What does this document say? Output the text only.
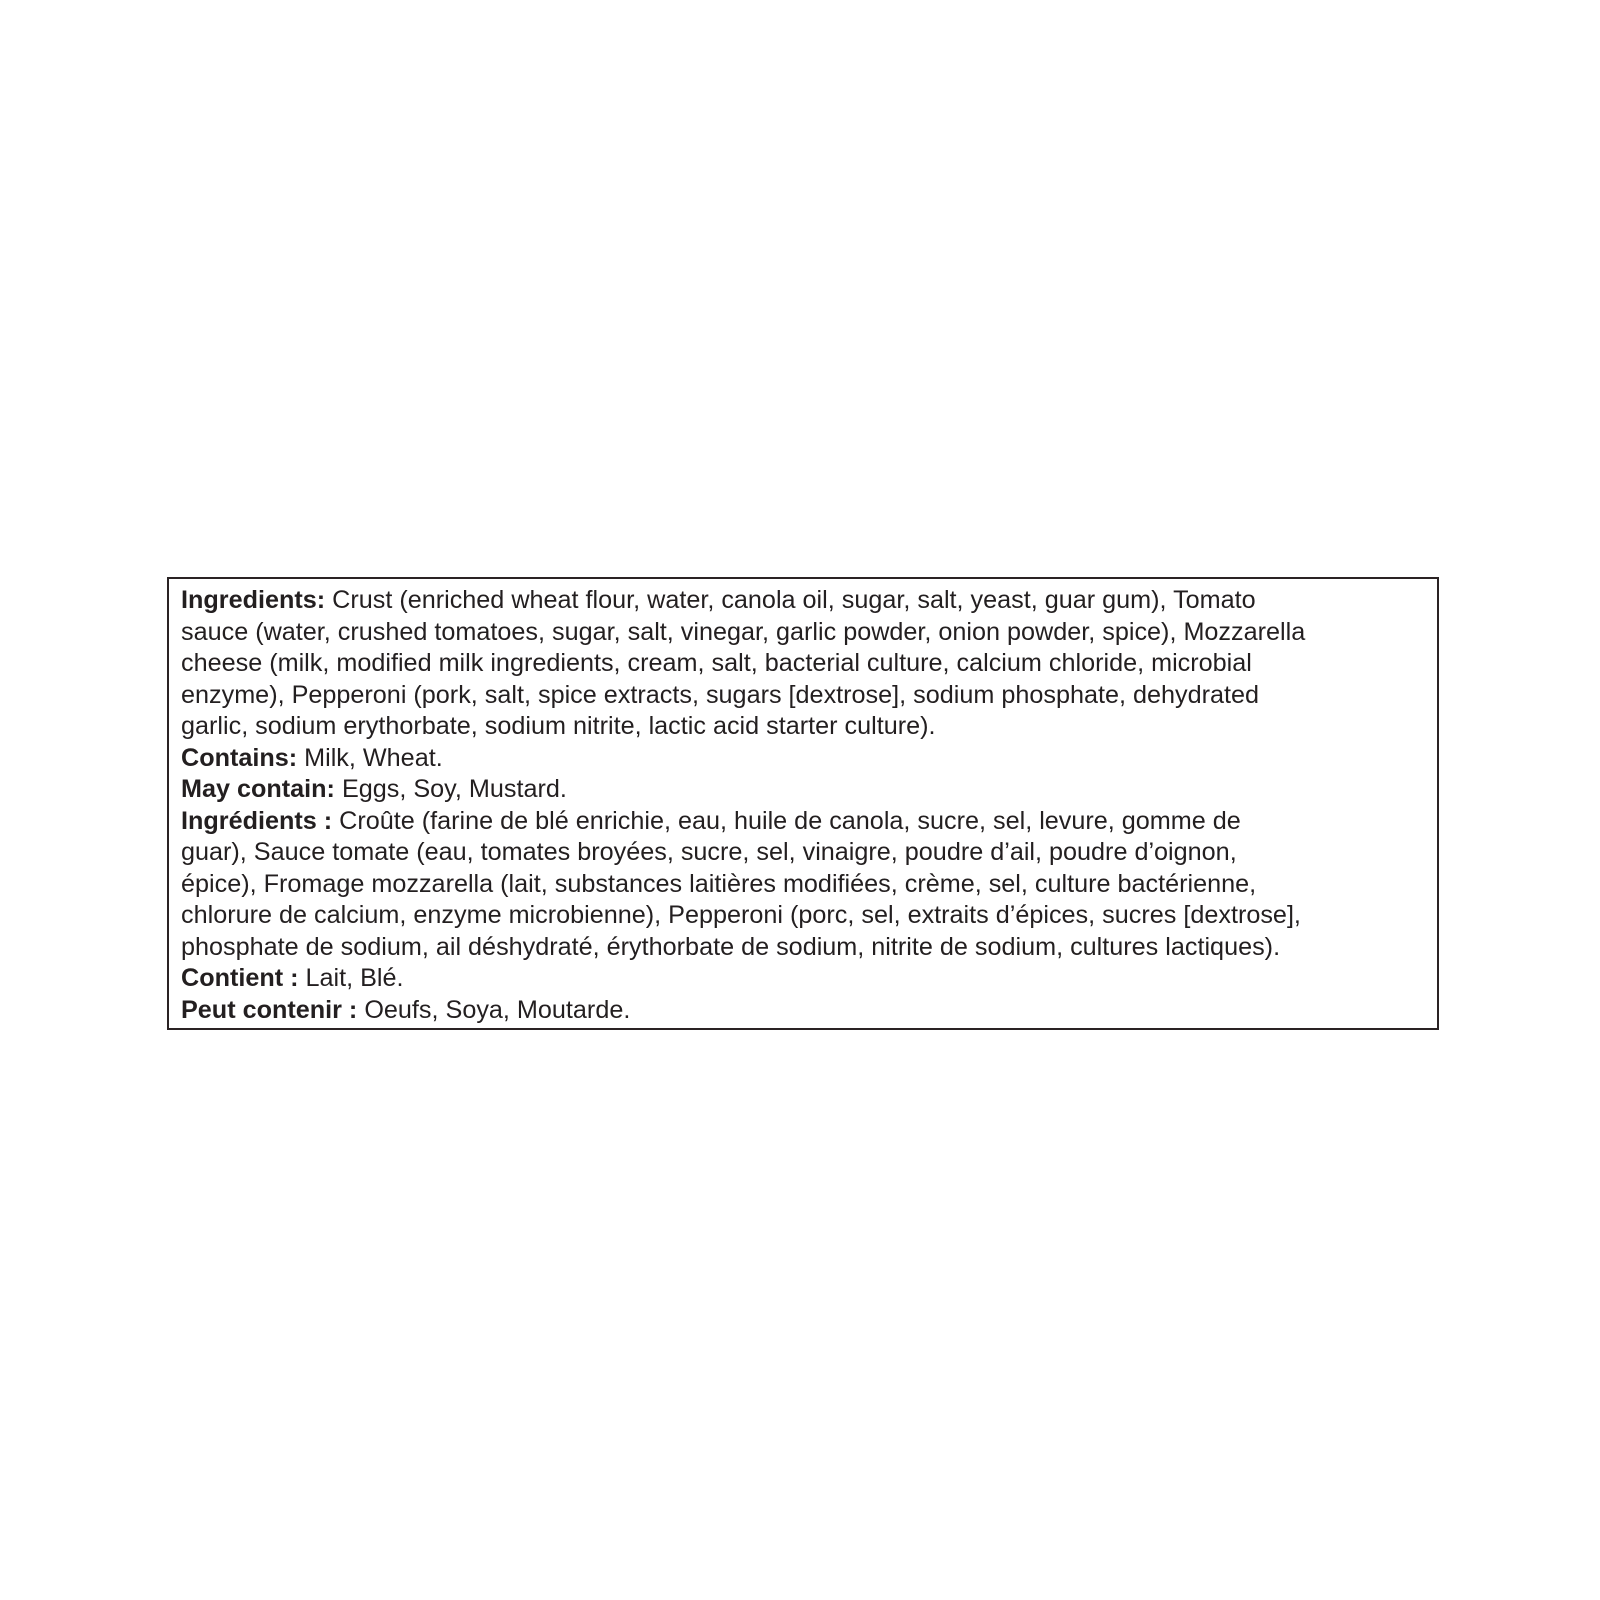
Ingredients: Crust (enriched wheat flour, water, canola oil, sugar, salt, yeast, guar gum), Tomato
sauce (water, crushed tomatoes, sugar, salt, vinegar, garlic powder, onion powder, spice), Mozzarella
cheese (milk, modified milk ingredients, cream, salt, bacterial culture, calcium chloride, microbial
enzyme), Pepperoni (pork, salt, spice extracts, sugars [dextrose], sodium phosphate, dehydrated
garlic, sodium erythorbate, sodium nitrite, lactic acid starter culture).

Contains: Milk, Wheat.

May contain: Eggs, Soy, Mustard.

Ingrédients : Croûte (farine de blé enrichie, eau, huile de canola, sucre, sel, levure, gomme de
guar), Sauce tomate (eau, tomates broyées, sucre, sel, vinaigre, poudre d’ail, poudre d’oignon,
épice), Fromage mozzarella (lait, substances laitières modifiées, crème, sel, culture bactérienne,
chlorure de calcium, enzyme microbienne), Pepperoni (porc, sel, extraits d’épices, sucres [dextrose],
phosphate de sodium, ail déshydraté, érythorbate de sodium, nitrite de sodium, cultures lactiques).

Contient : Lait, Blé.

Peut contenir : Oeufs, Soya, Moutarde.
